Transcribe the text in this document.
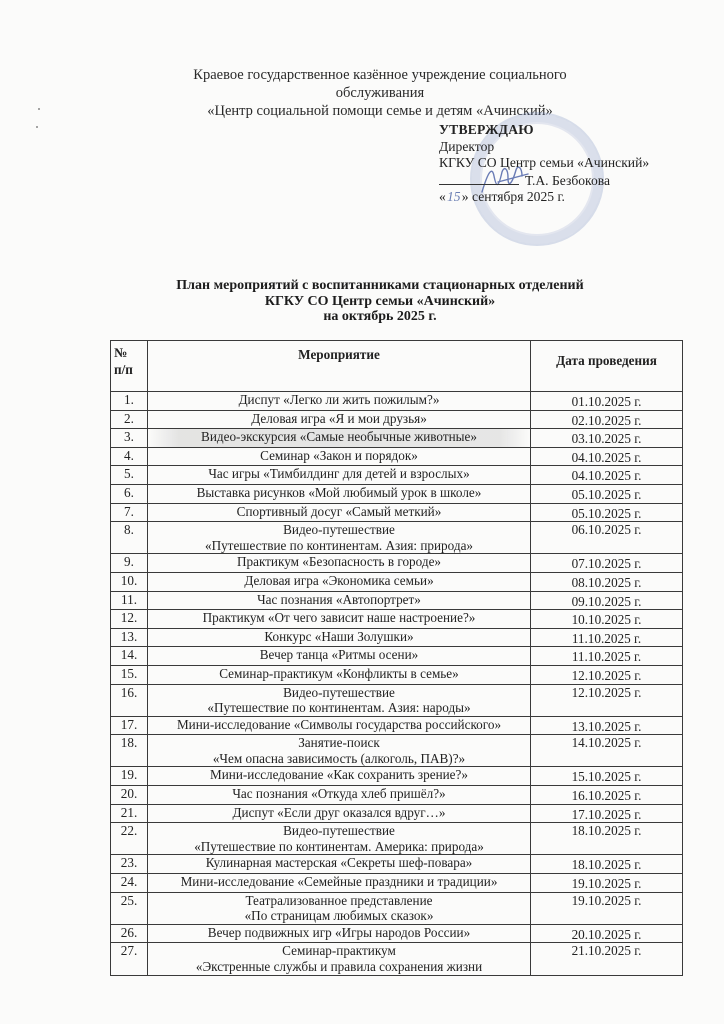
Краевое государственное казённое учреждение социального обслуживания
«Центр социальной помощи семье и детям «Ачинский»
УТВЕРЖДАЮ
Директор
КГКУ СО Центр семьи «Ачинский»
Т.А. Безбокова
«15» сентября 2025 г.
План мероприятий с воспитанниками стационарных отделений
КГКУ СО Центр семьи «Ачинский»
на октябрь 2025 г.
№
п/п	Мероприятие	Дата проведения
1.	Диспут «Легко ли жить пожилым?»	01.10.2025 г.
2.	Деловая игра «Я и мои друзья»	02.10.2025 г.
3.	Видео-экскурсия «Самые необычные животные»	03.10.2025 г.
4.	Семинар «Закон и порядок»	04.10.2025 г.
5.	Час игры «Тимбилдинг для детей и взрослых»	04.10.2025 г.
6.	Выставка рисунков «Мой любимый урок в школе»	05.10.2025 г.
7.	Спортивный досуг «Самый меткий»	05.10.2025 г.
8.	Видео-путешествие
«Путешествие по континентам. Азия: природа»	06.10.2025 г.
9.	Практикум «Безопасность в городе»	07.10.2025 г.
10.	Деловая игра «Экономика семьи»	08.10.2025 г.
11.	Час познания «Автопортрет»	09.10.2025 г.
12.	Практикум «От чего зависит наше настроение?»	10.10.2025 г.
13.	Конкурс «Наши Золушки»	11.10.2025 г.
14.	Вечер танца «Ритмы осени»	11.10.2025 г.
15.	Семинар-практикум «Конфликты в семье»	12.10.2025 г.
16.	Видео-путешествие
«Путешествие по континентам. Азия: народы»	12.10.2025 г.
17.	Мини-исследование «Символы государства российского»	13.10.2025 г.
18.	Занятие-поиск
«Чем опасна зависимость (алкоголь, ПАВ)?»	14.10.2025 г.
19.	Мини-исследование «Как сохранить зрение?»	15.10.2025 г.
20.	Час познания «Откуда хлеб пришёл?»	16.10.2025 г.
21.	Диспут «Если друг оказался вдруг…»	17.10.2025 г.
22.	Видео-путешествие
«Путешествие по континентам. Америка: природа»	18.10.2025 г.
23.	Кулинарная мастерская «Секреты шеф-повара»	18.10.2025 г.
24.	Мини-исследование «Семейные праздники и традиции»	19.10.2025 г.
25.	Театрализованное представление
«По страницам любимых сказок»	19.10.2025 г.
26.	Вечер подвижных игр «Игры народов России»	20.10.2025 г.
27.	Семинар-практикум
«Экстренные службы и правила сохранения жизни	21.10.2025 г.
